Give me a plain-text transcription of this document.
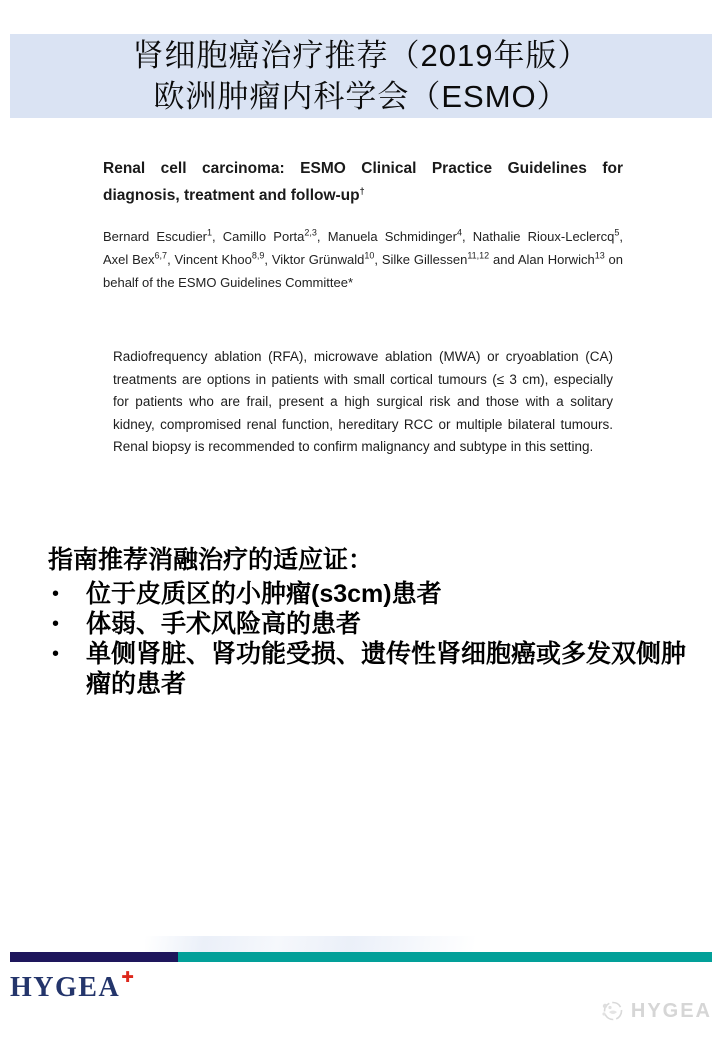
肾细胞癌治疗推荐（2019年版）
欧洲肿瘤内科学会（ESMO）
Renal cell carcinoma: ESMO Clinical Practice Guidelines for diagnosis, treatment and follow-up†

Bernard Escudier$^1$, Camillo Porta$^{2,3}$, Manuela Schmidinger$^4$, Nathalie Rioux-Leclercq$^5$, Axel Bex$^{6,7}$, Vincent Khoo$^{8,9}$, Viktor Grünwald$^{10}$, Silke Gillessen$^{11,12}$ and Alan Horwich$^{13}$ on behalf of the ESMO Guidelines Committee*

Radiofrequency ablation (RFA), microwave ablation (MWA) or cryoablation (CA) treatments are options in patients with small cortical tumours (≤ 3 cm), especially for patients who are frail, present a high surgical risk and those with a solitary kidney, compromised renal function, hereditary RCC or multiple bilateral tumours. Renal biopsy is recommended to confirm malignancy and subtype in this setting.

指南推荐消融治疗的适应证：
• 位于皮质区的小肿瘤(s3cm)患者
• 体弱、手术风险高的患者
• 单侧肾脏、肾功能受损、遗传性肾细胞癌或多发双侧肿瘤的患者
HYGEA✚
HYGEA
